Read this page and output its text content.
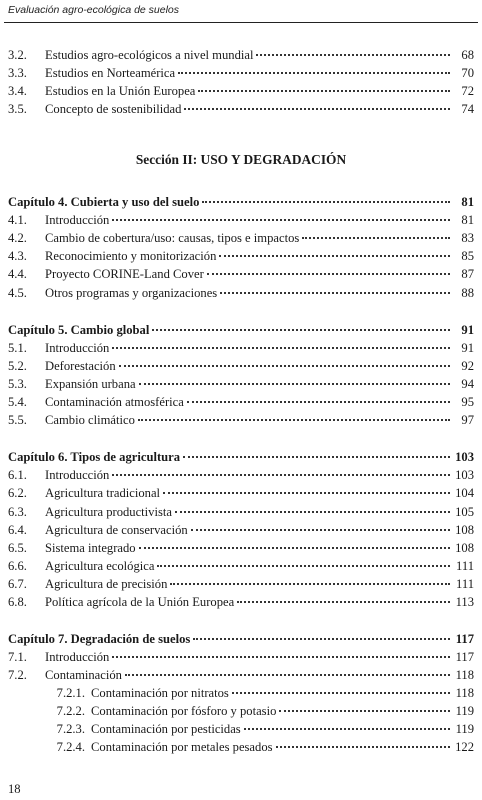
Evaluación agro-ecológica de suelos
3.2.	Estudios agro-ecológicos a nivel mundial	68
3.3.	Estudios en Norteamérica	70
3.4.	Estudios en la Unión Europea	72
3.5.	Concepto de sostenibilidad	74
Sección II: USO Y DEGRADACIÓN
Capítulo 4. Cubierta y uso del suelo	81
4.1.	Introducción	81
4.2.	Cambio de cobertura/uso: causas, tipos e impactos	83
4.3.	Reconocimiento y monitorización	85
4.4.	Proyecto CORINE-Land Cover	87
4.5.	Otros programas y organizaciones	88
Capítulo 5. Cambio global	91
5.1.	Introducción	91
5.2.	Deforestación	92
5.3.	Expansión urbana	94
5.4.	Contaminación atmosférica	95
5.5.	Cambio climático	97
Capítulo 6. Tipos de agricultura	103
6.1.	Introducción	103
6.2.	Agricultura tradicional	104
6.3.	Agricultura productivista	105
6.4.	Agricultura de conservación	108
6.5.	Sistema integrado	108
6.6.	Agricultura ecológica	111
6.7.	Agricultura de precisión	111
6.8.	Política agrícola de la Unión Europea	113
Capítulo 7. Degradación de suelos	117
7.1.	Introducción	117
7.2.	Contaminación	118
7.2.1. Contaminación por nitratos	118
7.2.2. Contaminación por fósforo y potasio	119
7.2.3. Contaminación por pesticidas	119
7.2.4. Contaminación por metales pesados	122
18
